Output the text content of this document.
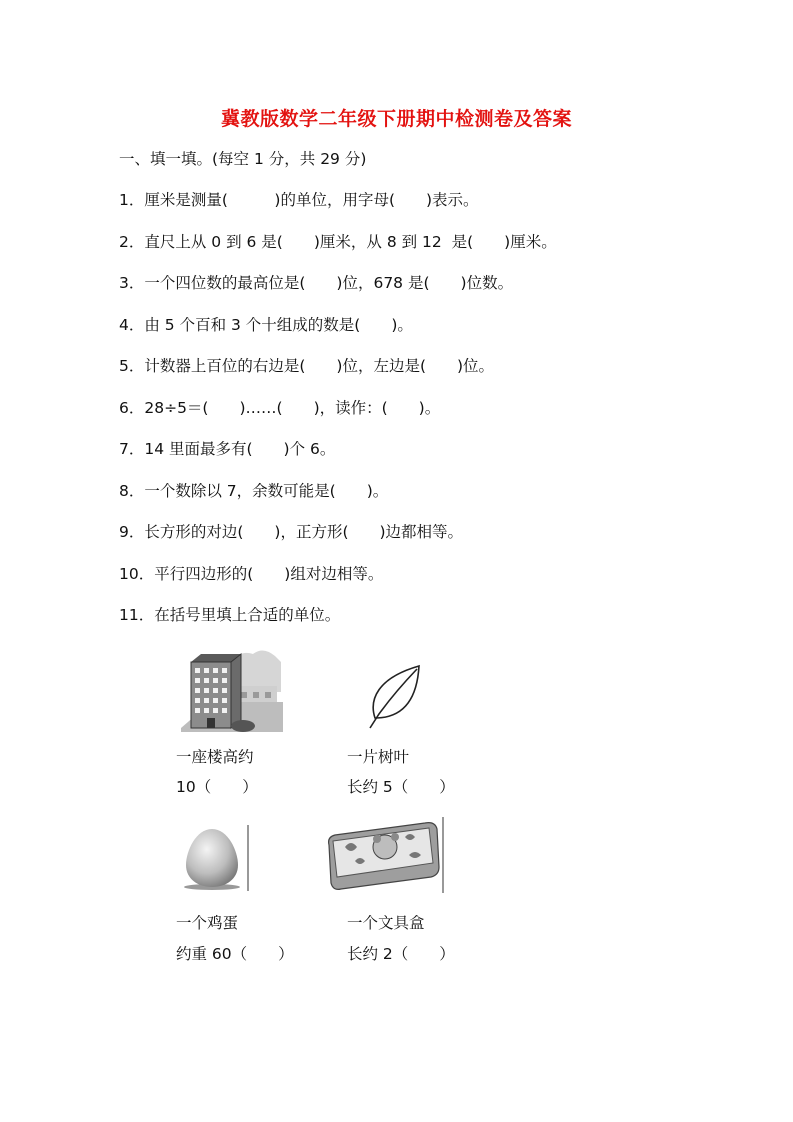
冀教版数学二年级下册期中检测卷及答案
一、填一填。(每空 1 分，共 29 分)
1．厘米是测量(　　　)的单位，用字母(　　)表示。
2．直尺上从 0 到 6 是(　　)厘米，从 8 到 12  是(　　)厘米。
3．一个四位数的最高位是(　　)位，678 是(　　)位数。
4．由 5 个百和 3 个十组成的数是(　　)。
5．计数器上百位的右边是(　　)位，左边是(　　)位。
6．28÷5＝(　　)……(　　)，读作：(　　)。
7．14 里面最多有(　　)个 6。
8．一个数除以 7，余数可能是(　　)。
9．长方形的对边(　　)，正方形(　　)边都相等。
10．平行四边形的(　　)组对边相等。
11．在括号里填上合适的单位。
一座楼高约
10（　　）
一片树叶
长约 5（　　）
一个鸡蛋
约重 60（　　）
一个文具盒
长约 2（　　）
